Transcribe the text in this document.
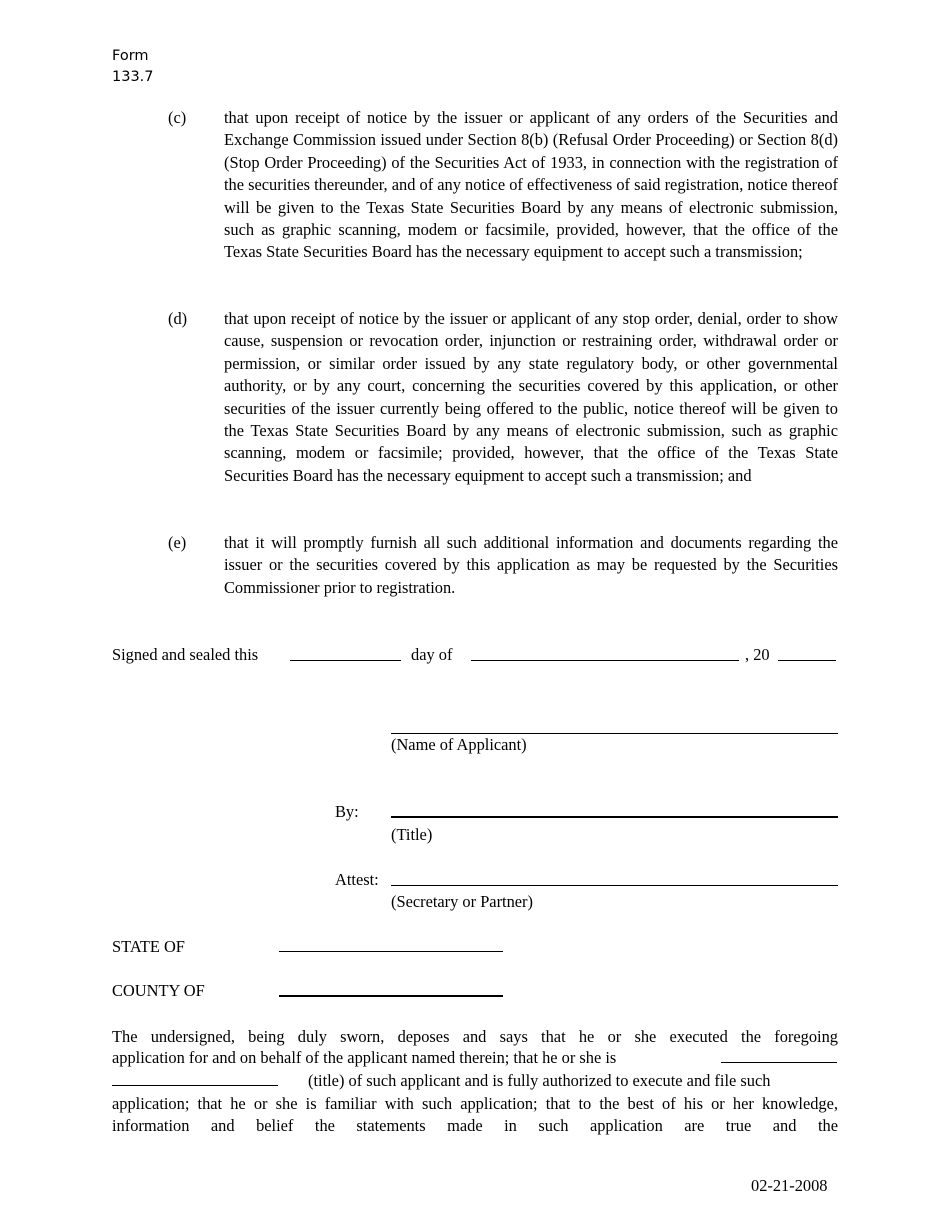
Form
133.7
(c) that upon receipt of notice by the issuer or applicant of any orders of the Securities and Exchange Commission issued under Section 8(b) (Refusal Order Proceeding) or Section 8(d) (Stop Order Proceeding) of the Securities Act of 1933, in connection with the registration of the securities thereunder, and of any notice of effectiveness of said registration, notice thereof will be given to the Texas State Securities Board by any means of electronic submission, such as graphic scanning, modem or facsimile, provided, however, that the office of the Texas State Securities Board has the necessary equipment to accept such a transmission;
(d) that upon receipt of notice by the issuer or applicant of any stop order, denial, order to show cause, suspension or revocation order, injunction or restraining order, withdrawal order or permission, or similar order issued by any state regulatory body, or other governmental authority, or by any court, concerning the securities covered by this application, or other securities of the issuer currently being offered to the public, notice thereof will be given to the Texas State Securities Board by any means of electronic submission, such as graphic scanning, modem or facsimile; provided, however, that the office of the Texas State Securities Board has the necessary equipment to accept such a transmission; and
(e) that it will promptly furnish all such additional information and documents regarding the issuer or the securities covered by this application as may be requested by the Securities Commissioner prior to registration.
Signed and sealed this	day of	, 20
(Name of Applicant)
By:
(Title)
Attest:
(Secretary or Partner)
STATE OF
COUNTY OF
The undersigned, being duly sworn, deposes and says that he or she executed the foregoing
application for and on behalf of the applicant named therein; that he or she is
(title) of such applicant and is fully authorized to execute and file such
application; that he or she is familiar with such application; that to the best of his or her knowledge, information and belief the statements made in such application are true and the
02-21-2008
